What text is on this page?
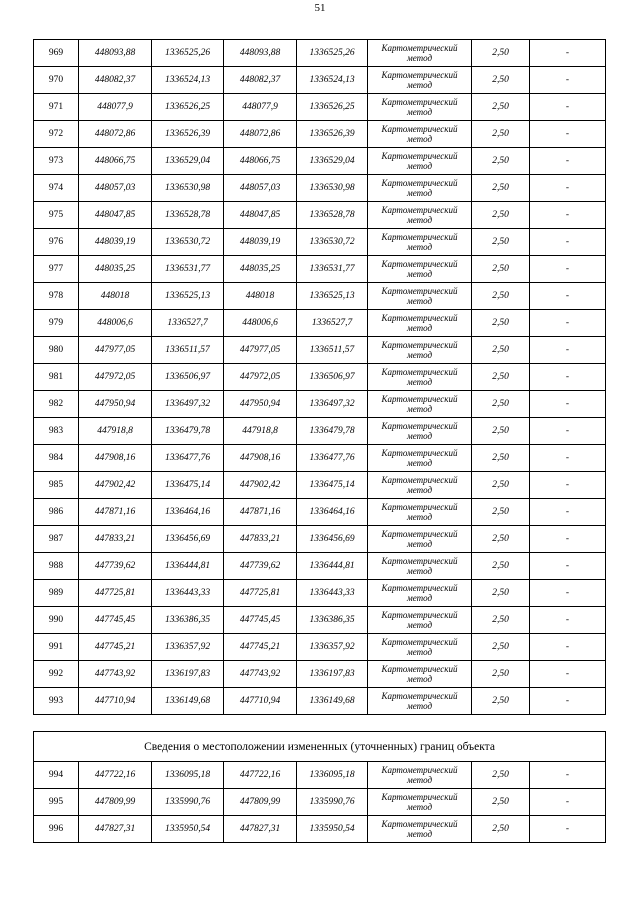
51
969	448093,88	1336525,26	448093,88	1336525,26	Картометрический метод	2,50	-
970	448082,37	1336524,13	448082,37	1336524,13	Картометрический метод	2,50	-
971	448077,9	1336526,25	448077,9	1336526,25	Картометрический метод	2,50	-
972	448072,86	1336526,39	448072,86	1336526,39	Картометрический метод	2,50	-
973	448066,75	1336529,04	448066,75	1336529,04	Картометрический метод	2,50	-
974	448057,03	1336530,98	448057,03	1336530,98	Картометрический метод	2,50	-
975	448047,85	1336528,78	448047,85	1336528,78	Картометрический метод	2,50	-
976	448039,19	1336530,72	448039,19	1336530,72	Картометрический метод	2,50	-
977	448035,25	1336531,77	448035,25	1336531,77	Картометрический метод	2,50	-
978	448018	1336525,13	448018	1336525,13	Картометрический метод	2,50	-
979	448006,6	1336527,7	448006,6	1336527,7	Картометрический метод	2,50	-
980	447977,05	1336511,57	447977,05	1336511,57	Картометрический метод	2,50	-
981	447972,05	1336506,97	447972,05	1336506,97	Картометрический метод	2,50	-
982	447950,94	1336497,32	447950,94	1336497,32	Картометрический метод	2,50	-
983	447918,8	1336479,78	447918,8	1336479,78	Картометрический метод	2,50	-
984	447908,16	1336477,76	447908,16	1336477,76	Картометрический метод	2,50	-
985	447902,42	1336475,14	447902,42	1336475,14	Картометрический метод	2,50	-
986	447871,16	1336464,16	447871,16	1336464,16	Картометрический метод	2,50	-
987	447833,21	1336456,69	447833,21	1336456,69	Картометрический метод	2,50	-
988	447739,62	1336444,81	447739,62	1336444,81	Картометрический метод	2,50	-
989	447725,81	1336443,33	447725,81	1336443,33	Картометрический метод	2,50	-
990	447745,45	1336386,35	447745,45	1336386,35	Картометрический метод	2,50	-
991	447745,21	1336357,92	447745,21	1336357,92	Картометрический метод	2,50	-
992	447743,92	1336197,83	447743,92	1336197,83	Картометрический метод	2,50	-
993	447710,94	1336149,68	447710,94	1336149,68	Картометрический метод	2,50	-
Сведения о местоположении измененных (уточненных) границ объекта							
994	447722,16	1336095,18	447722,16	1336095,18	Картометрический метод	2,50	-
995	447809,99	1335990,76	447809,99	1335990,76	Картометрический метод	2,50	-
996	447827,31	1335950,54	447827,31	1335950,54	Картометрический метод	2,50	-
